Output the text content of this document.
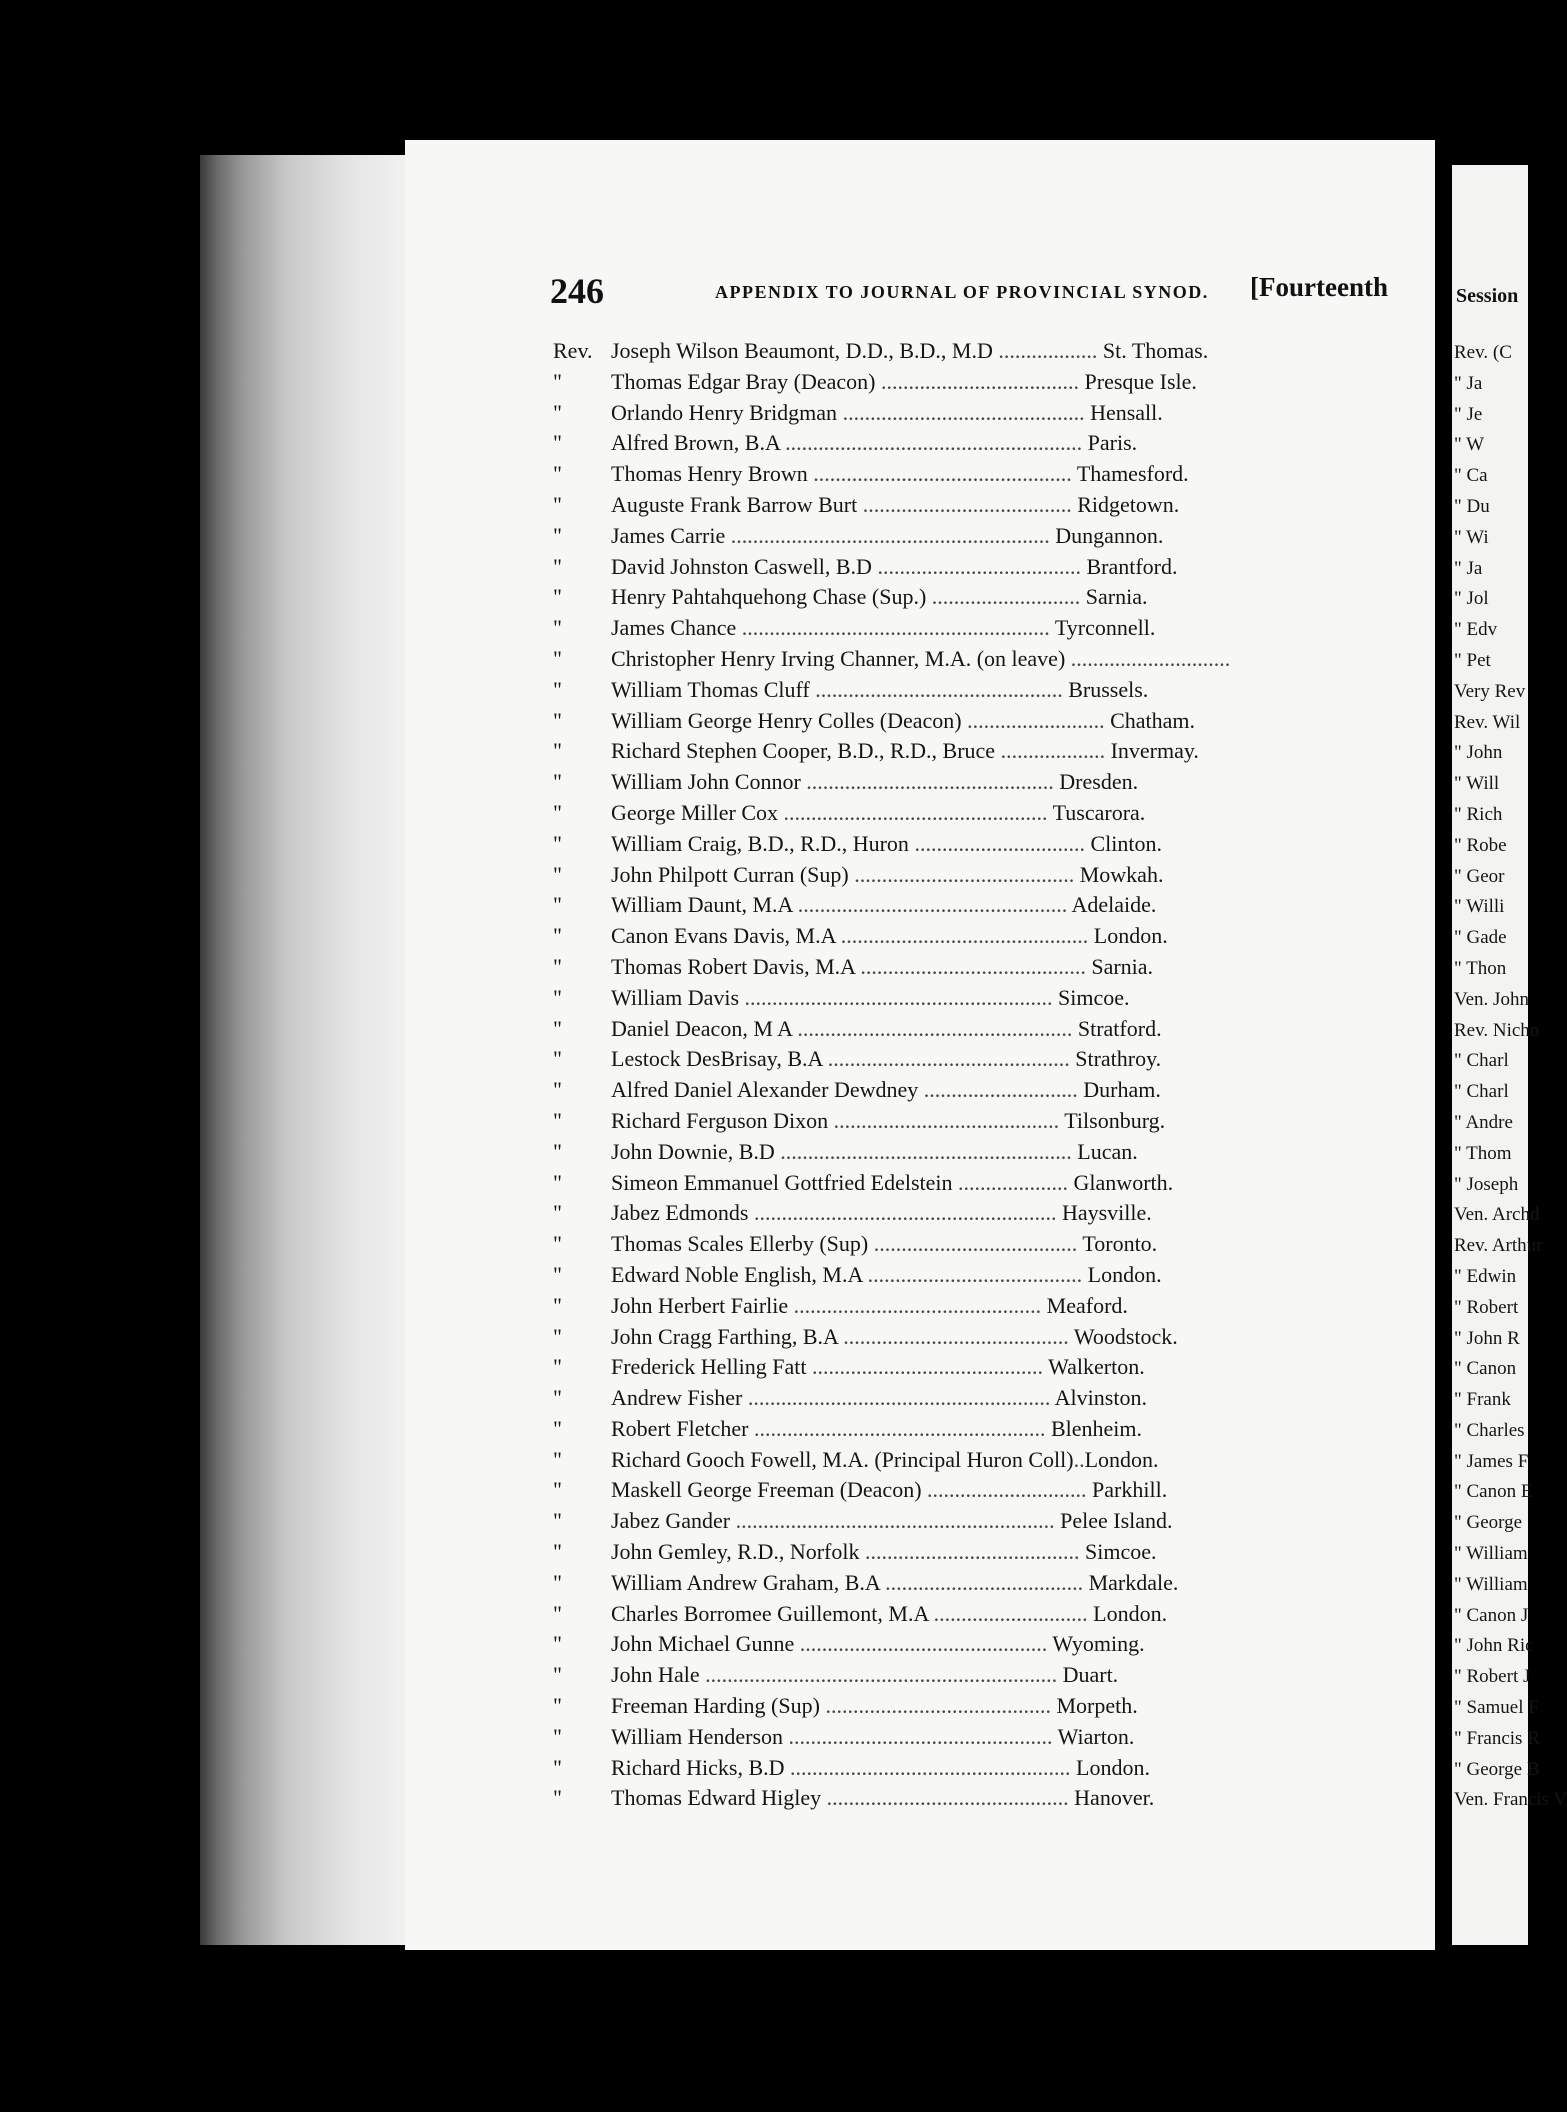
246	APPENDIX TO JOURNAL OF PROVINCIAL SYNOD. [Fourteenth
Rev. Joseph Wilson Beaumont, D.D., B.D., M.D .................. St. Thomas.
" Thomas Edgar Bray (Deacon) .................................... Presque Isle.
" Orlando Henry Bridgman ............................................ Hensall.
" Alfred Brown, B.A ...................................................... Paris.
" Thomas Henry Brown ............................................... Thamesford.
" Auguste Frank Barrow Burt ...................................... Ridgetown.
" James Carrie .......................................................... Dungannon.
" David Johnston Caswell, B.D ..................................... Brantford.
" Henry Pahtahquehong Chase (Sup.) ........................... Sarnia.
" James Chance ........................................................ Tyrconnell.
" Christopher Henry Irving Channer, M.A. (on leave) .............................
" William Thomas Cluff ............................................. Brussels.
" William George Henry Colles (Deacon) ......................... Chatham.
" Richard Stephen Cooper, B.D., R.D., Bruce ................... Invermay.
" William John Connor ............................................. Dresden.
" George Miller Cox ................................................ Tuscarora.
" William Craig, B.D., R.D., Huron ............................... Clinton.
" John Philpott Curran (Sup) ........................................ Mowkah.
" William Daunt, M.A ................................................. Adelaide.
" Canon Evans Davis, M.A ............................................. London.
" Thomas Robert Davis, M.A ......................................... Sarnia.
" William Davis ........................................................ Simcoe.
" Daniel Deacon, M A .................................................. Stratford.
" Lestock DesBrisay, B.A ............................................ Strathroy.
" Alfred Daniel Alexander Dewdney ............................ Durham.
" Richard Ferguson Dixon ......................................... Tilsonburg.
" John Downie, B.D ..................................................... Lucan.
" Simeon Emmanuel Gottfried Edelstein .................... Glanworth.
" Jabez Edmonds ....................................................... Haysville.
" Thomas Scales Ellerby (Sup) ..................................... Toronto.
" Edward Noble English, M.A ....................................... London.
" John Herbert Fairlie ............................................. Meaford.
" John Cragg Farthing, B.A ......................................... Woodstock.
" Frederick Helling Fatt .......................................... Walkerton.
" Andrew Fisher ....................................................... Alvinston.
" Robert Fletcher ..................................................... Blenheim.
" Richard Gooch Fowell, M.A. (Principal Huron Coll)..London.
" Maskell George Freeman (Deacon) ............................. Parkhill.
" Jabez Gander .......................................................... Pelee Island.
" John Gemley, R.D., Norfolk ....................................... Simcoe.
" William Andrew Graham, B.A .................................... Markdale.
" Charles Borromee Guillemont, M.A ............................ London.
" John Michael Gunne ............................................. Wyoming.
" John Hale ................................................................ Duart.
" Freeman Harding (Sup) ......................................... Morpeth.
" William Henderson ................................................ Wiarton.
" Richard Hicks, B.D ................................................... London.
" Thomas Edward Higley ............................................ Hanover.
Session
Rev. (C
" Ja
" Je
" W
" Ca
" Du
" Wi
" Ja
" Jol
" Edv
" Pet
Very Rev
Rev. Wil
" John
" Will
" Rich
" Robe
" Geor
" Willi
" Gade
" Thon
Ven. John
Rev. Nicho
" Charl
" Charl
" Andre
" Thom
" Joseph
Ven. Archd
Rev. Arthur
" Edwin
" Robert
" John R
" Canon
" Frank
" Charles
" James F
" Canon E
" George
" William
" William
" Canon J
" John Ric
" Robert J
" Samuel F
" Francis R
" George B
Ven. Francis V
